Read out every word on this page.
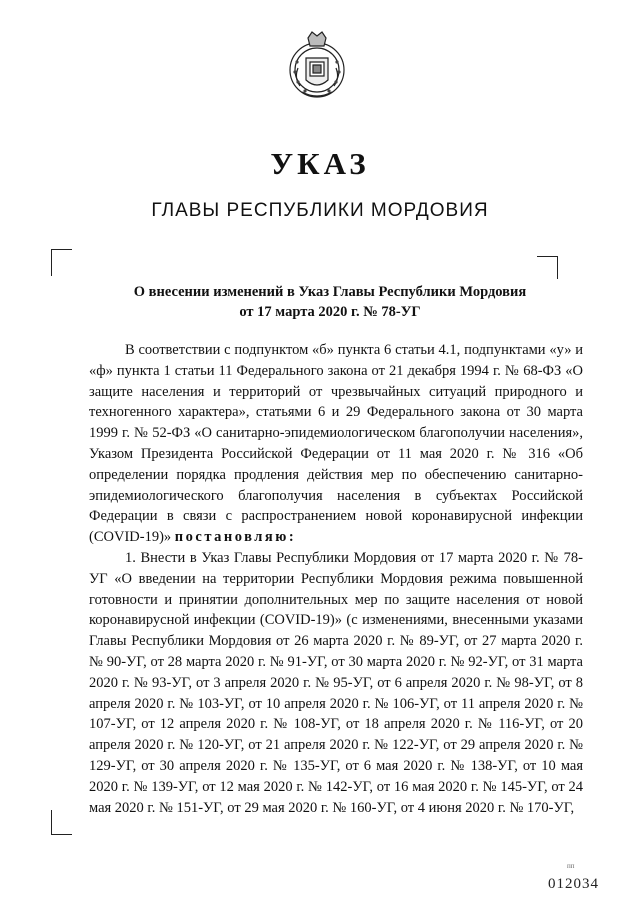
УКАЗ
ГЛАВЫ РЕСПУБЛИКИ МОРДОВИЯ
О внесении изменений в Указ Главы Республики Мордовия
от 17 марта 2020 г. № 78-УГ

В соответствии с подпунктом «б» пункта 6 статьи 4.1, подпунктами «у» и «ф» пункта 1 статьи 11 Федерального закона от 21 декабря 1994 г. № 68-ФЗ «О защите населения и территорий от чрезвычайных ситуаций природного и техногенного характера», статьями 6 и 29 Федерального закона от 30 марта 1999 г. № 52-ФЗ «О санитарно-эпидемиологическом благополучии населения», Указом Президента Российской Федерации от 11 мая 2020 г. № 316 «Об определении порядка продления действия мер по обеспечению санитарно-эпидемиологического благополучия населения в субъектах Российской Федерации в связи с распространением новой коронавирусной инфекции (COVID-19)» постановляю:

1. Внести в Указ Главы Республики Мордовия от 17 марта 2020 г. № 78-УГ «О введении на территории Республики Мордовия режима повышенной готовности и принятии дополнительных мер по защите населения от новой коронавирусной инфекции (COVID-19)» (с изменениями, внесенными указами Главы Республики Мордовия от 26 марта 2020 г. № 89-УГ, от 27 марта 2020 г. № 90-УГ, от 28 марта 2020 г. № 91-УГ, от 30 марта 2020 г. № 92-УГ, от 31 марта 2020 г. № 93-УГ, от 3 апреля 2020 г. № 95-УГ, от 6 апреля 2020 г. № 98-УГ, от 8 апреля 2020 г. № 103-УГ, от 10 апреля 2020 г. № 106-УГ, от 11 апреля 2020 г. № 107-УГ, от 12 апреля 2020 г. № 108-УГ, от 18 апреля 2020 г. № 116-УГ, от 20 апреля 2020 г. № 120-УГ, от 21 апреля 2020 г. № 122-УГ, от 29 апреля 2020 г. № 129-УГ, от 30 апреля 2020 г. № 135-УГ, от 6 мая 2020 г. № 138-УГ, от 10 мая 2020 г. № 139-УГ, от 12 мая 2020 г. № 142-УГ, от 16 мая 2020 г. № 145-УГ, от 24 мая 2020 г. № 151-УГ, от 29 мая 2020 г. № 160-УГ, от 4 июня 2020 г. № 170-УГ,

пп
012034
